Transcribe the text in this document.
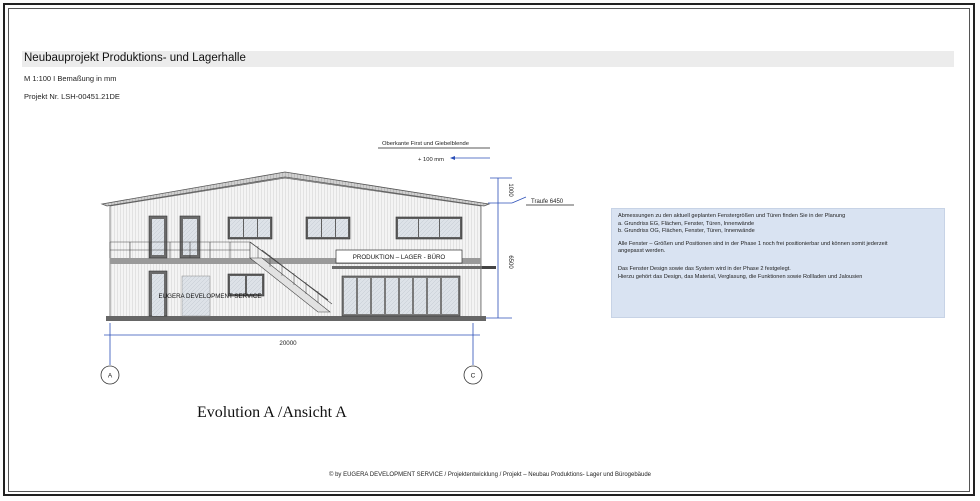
Neubauprojekt Produktions- und Lagerhalle
M 1:100 I Bemaßung in mm
Projekt Nr. LSH-00451.21DE
Oberkante First und Giebelblende
+ 100 mm
1000
6500
Traufe 6450
PRODUKTION – LAGER - BÜRO
EUGERA DEVELOPMENT SERVICE
20000
A	C

Abmessungen zu den aktuell geplanten Fenstergrößen und Türen finden Sie in der Planung

a. Grundriss EG, Flächen, Fenster, Türen, Innenwände

b. Grundriss OG, Flächen, Fenster, Türen, Innenwände

Alle Fenster – Größen und Positionen sind in der Phase 1 noch frei positionierbar und können somit jederzeit

angepasst werden.

Das Fenster Design sowie das System wird in der Phase 2 festgelegt.

Hierzu gehört das Design, das Material, Verglasung, die Funktionen sowie Rollladen und Jalousien

Evolution A /Ansicht A
© by EUGERA DEVELOPMENT SERVICE / Projektentwicklung / Projekt – Neubau Produktions- Lager und Bürogebäude
